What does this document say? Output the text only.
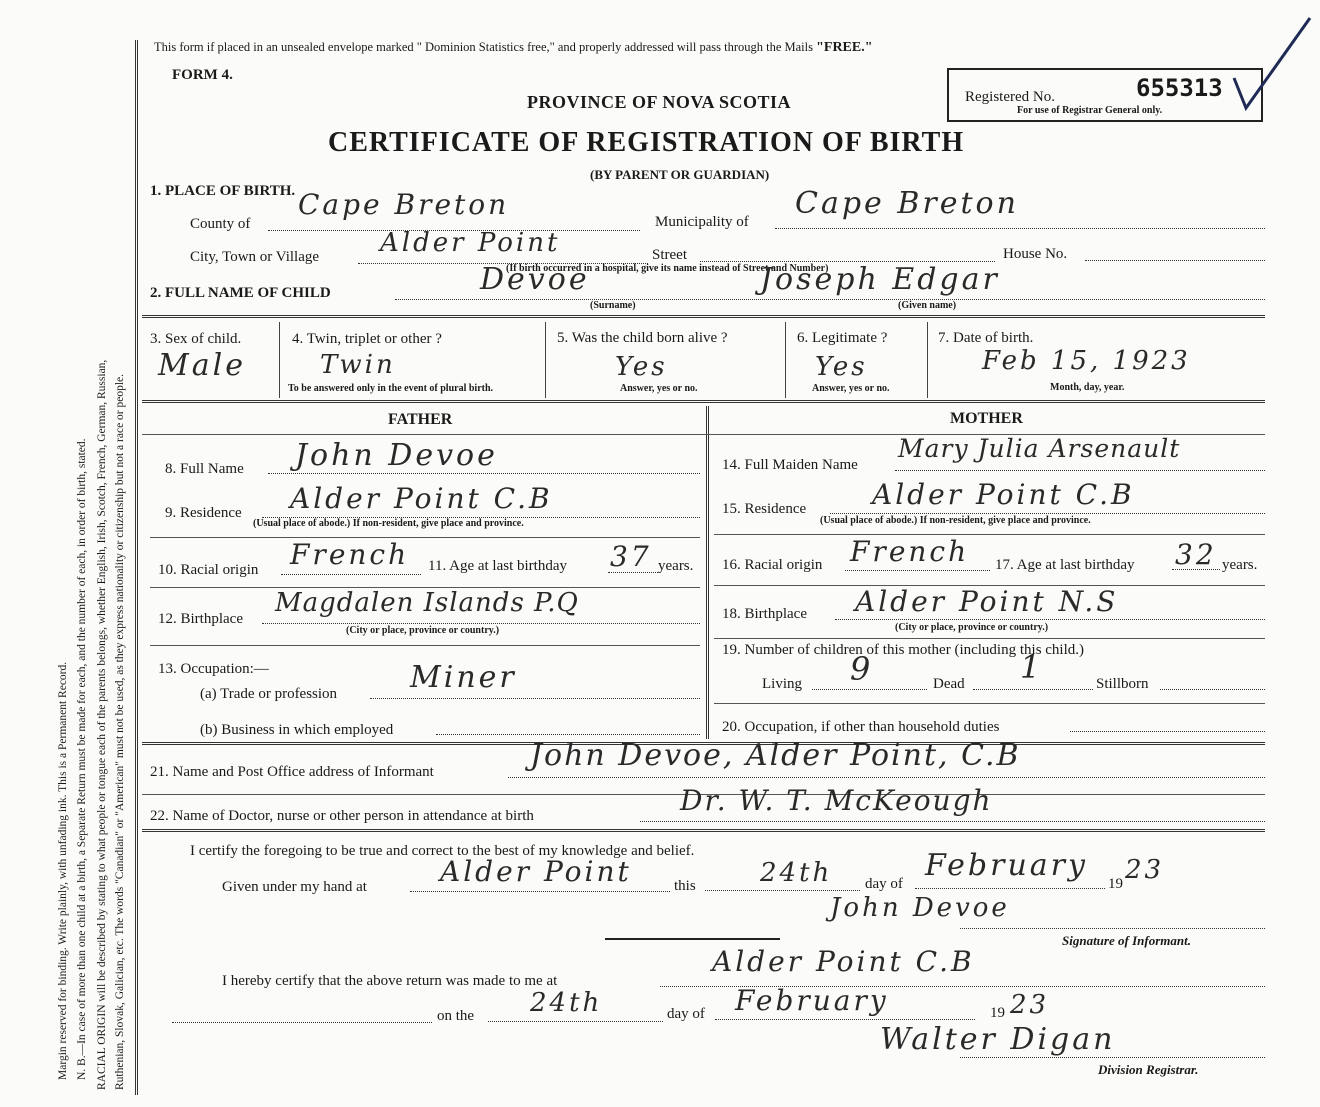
Margin reserved for binding. Write plainly, with unfading ink. This is a Permanent Record. N. B.—In case of more than one child at a birth, a Separate Return must be made for each, and the number of each, in order of birth, stated. RACIAL ORIGIN will be described by stating to what people or tongue each of the parents belongs, whether English, Irish, Scotch, French, German, Russian, Ruthenian, Slovak, Galician, etc. The words "Canadian" or "American" must not be used, as they express nationality or citizenship but not a race or people.
This form if placed in an unsealed envelope marked " Dominion Statistics free," and properly addressed will pass through the Mails "FREE."
FORM 4.
PROVINCE OF NOVA SCOTIA
CERTIFICATE OF REGISTRATION OF BIRTH
(BY PARENT OR GUARDIAN)
Registered No.	655313
For use of Registrar General only.
1. PLACE OF BIRTH.
County of
Cape Breton
Municipality of
Cape Breton
City, Town or Village Alder Point	Street	House No.
(If birth occurred in a hospital, give its name instead of Street and Number)
2. FULL NAME OF CHILD	Devoe	Joseph Edgar
(Surname)	(Given name)
3. Sex of child.
Male
4. Twin, triplet or other ?
Twin
To be answered only in the event of plural birth.
5. Was the child born alive ?
Yes
Answer, yes or no.
6. Legitimate ?
Yes
Answer, yes or no.
7. Date of birth.
Feb 15, 1923
Month, day, year.
FATHER	MOTHER
8. Full Name John Devoe
9. Residence Alder Point C.B
(Usual place of abode.) If non-resident, give place and province.
10. Racial origin French 11. Age at last birthday 37 years.
12. Birthplace
Magdalen Islands P.Q
(City or place, province or country.)
13. Occupation:—
(a) Trade or profession Miner
(b) Business in which employed
14. Full Maiden Name
Mary Julia Arsenault
15. Residence Alder Point C.B
(Usual place of abode.) If non-resident, give place and province.
16. Racial origin French 17. Age at last birthday 32 years.
18. Birthplace Alder Point N.S
(City or place, province or country.)
19. Number of children of this mother (including this child.)
Living 9	Dead 1	Stillborn
20. Occupation, if other than household duties
21. Name and Post Office address of Informant	John Devoe, Alder Point, C.B
22. Name of Doctor, nurse or other person in attendance at birth	Dr. W. T. McKeough
I certify the foregoing to be true and correct to the best of my knowledge and belief.
Given under my hand at	Alder Point	this 24th day of
February
19 23
John Devoe
Signature of Informant.
I hereby certify that the above return was made to me at
Alder Point C.B
on the 24th	day of February	19 23
Walter Digan
Division Registrar.
